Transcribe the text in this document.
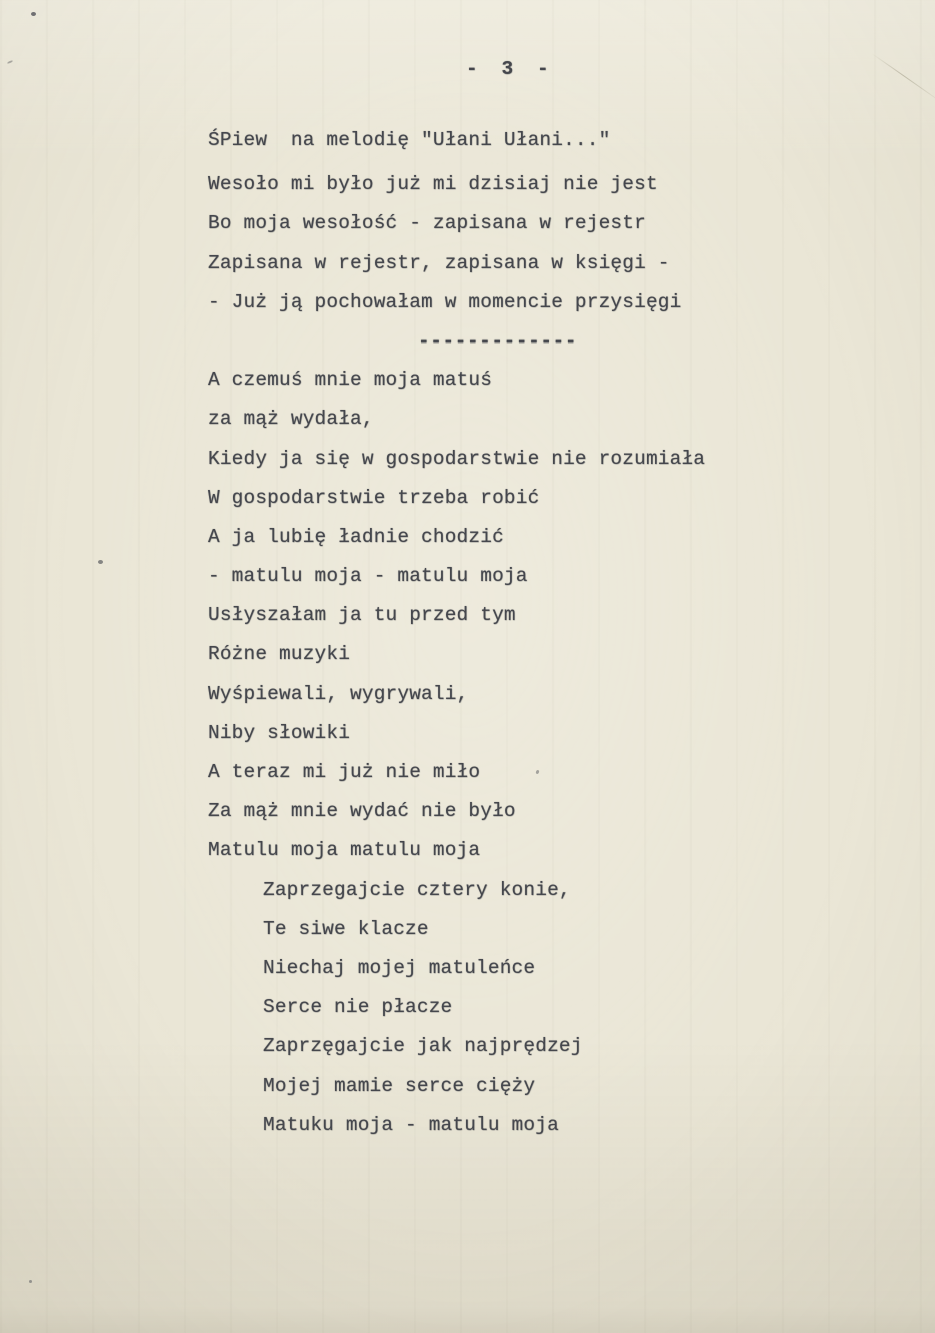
-  3  -
ŚPiew  na melodię "Ułani Ułani..."
Wesoło mi było już mi dzisiaj nie jest
Bo moja wesołość - zapisana w rejestr
Zapisana w rejestr, zapisana w księgi -
- Już ją pochowałam w momencie przysięgi
-------------
A czemuś mnie moja matuś
za mąż wydała,
Kiedy ja się w gospodarstwie nie rozumiała
W gospodarstwie trzeba robić
A ja lubię ładnie chodzić
- matulu moja - matulu moja
Usłyszałam ja tu przed tym
Różne muzyki
Wyśpiewali, wygrywali,
Niby słowiki
A teraz mi już nie miło
Za mąż mnie wydać nie było
Matulu moja matulu moja
Zaprzegajcie cztery konie,
Te siwe klacze
Niechaj mojej matuleńce
Serce nie płacze
Zaprzęgajcie jak najprędzej
Mojej mamie serce cięży
Matuku moja - matulu moja
